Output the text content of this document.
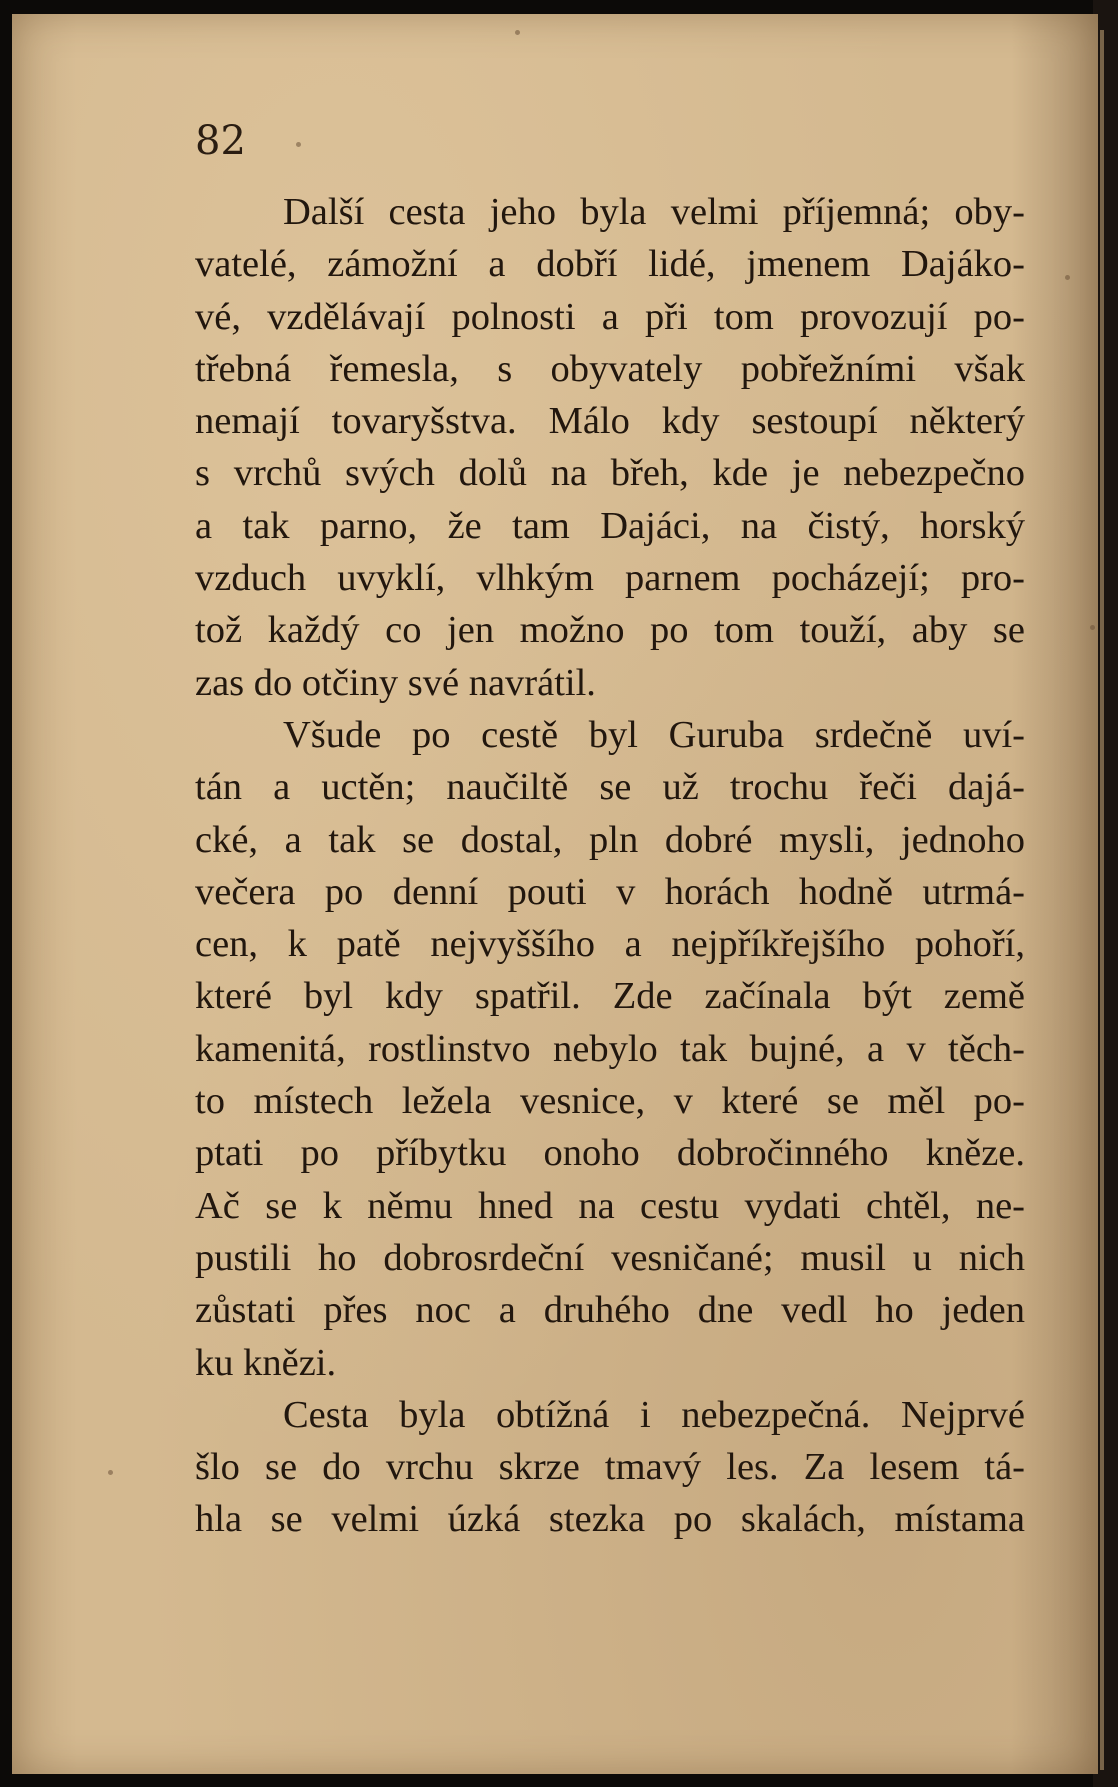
82
Další cesta jeho byla velmi příjemná; oby-
vatelé, zámožní a dobří lidé, jmenem Dajáko-
vé, vzdělávají polnosti a při tom provozují po-
třebná řemesla, s obyvately pobřežními však
nemají tovaryšstva. Málo kdy sestoupí některý
s vrchů svých dolů na břeh, kde je nebezpečno
a tak parno, že tam Dajáci, na čistý, horský
vzduch uvyklí, vlhkým parnem pocházejí; pro-
tož každý co jen možno po tom touží, aby se
zas do otčiny své navrátil.
Všude po cestě byl Guruba srdečně uví-
tán a uctěn; naučiltě se už trochu řeči dajá-
cké, a tak se dostal, pln dobré mysli, jednoho
večera po denní pouti v horách hodně utrmá-
cen, k patě nejvyššího a nejpříkřejšího pohoří,
které byl kdy spatřil. Zde začínala být země
kamenitá, rostlinstvo nebylo tak bujné, a v těch-
to místech ležela vesnice, v které se měl po-
ptati po příbytku onoho dobročinného kněze.
Ač se k němu hned na cestu vydati chtěl, ne-
pustili ho dobrosrdeční vesničané; musil u nich
zůstati přes noc a druhého dne vedl ho jeden
ku knězi.
Cesta byla obtížná i nebezpečná. Nejprvé
šlo se do vrchu skrze tmavý les. Za lesem tá-
hla se velmi úzká stezka po skalách, místama
